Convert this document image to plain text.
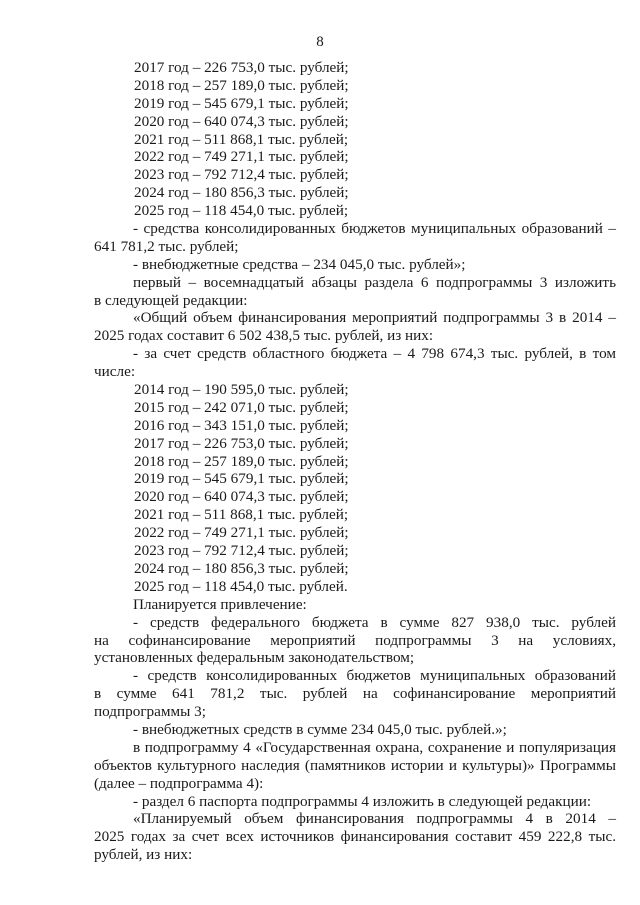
8
2017 год – 226 753,0 тыс. рублей;
2018 год – 257 189,0 тыс. рублей;
2019 год – 545 679,1 тыс. рублей;
2020 год – 640 074,3 тыс. рублей;
2021 год – 511 868,1 тыс. рублей;
2022 год – 749 271,1 тыс. рублей;
2023 год – 792 712,4 тыс. рублей;
2024 год – 180 856,3 тыс. рублей;
2025 год – 118 454,0 тыс. рублей;
- средства консолидированных бюджетов муниципальных образований –
641 781,2 тыс. рублей;
- внебюджетные средства – 234 045,0 тыс. рублей»;
первый – восемнадцатый абзацы раздела 6 подпрограммы 3 изложить
в следующей редакции:
«Общий объем финансирования мероприятий подпрограммы 3 в 2014 –
2025 годах составит 6 502 438,5 тыс. рублей, из них:
- за счет средств областного бюджета – 4 798 674,3 тыс. рублей, в том
числе:
2014 год – 190 595,0 тыс. рублей;
2015 год – 242 071,0 тыс. рублей;
2016 год – 343 151,0 тыс. рублей;
2017 год – 226 753,0 тыс. рублей;
2018 год – 257 189,0 тыс. рублей;
2019 год – 545 679,1 тыс. рублей;
2020 год – 640 074,3 тыс. рублей;
2021 год – 511 868,1 тыс. рублей;
2022 год – 749 271,1 тыс. рублей;
2023 год – 792 712,4 тыс. рублей;
2024 год – 180 856,3 тыс. рублей;
2025 год – 118 454,0 тыс. рублей.
Планируется привлечение:
- средств федерального бюджета в сумме 827 938,0 тыс. рублей
на софинансирование мероприятий подпрограммы 3 на условиях,
установленных федеральным законодательством;
- средств консолидированных бюджетов муниципальных образований
в сумме 641 781,2 тыс. рублей на софинансирование мероприятий
подпрограммы 3;
- внебюджетных средств в сумме 234 045,0 тыс. рублей.»;
в подпрограмму 4 «Государственная охрана, сохранение и популяризация
объектов культурного наследия (памятников истории и культуры)» Программы
(далее – подпрограмма 4):
- раздел 6 паспорта подпрограммы 4 изложить в следующей редакции:
«Планируемый объем финансирования подпрограммы 4 в 2014 –
2025 годах за счет всех источников финансирования составит 459 222,8 тыс.
рублей, из них:
